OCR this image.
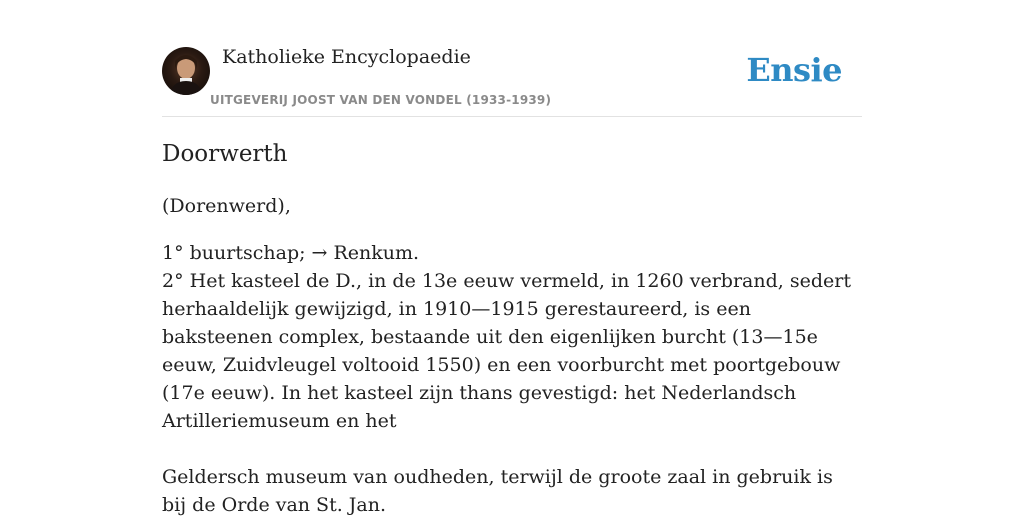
Katholieke Encyclopaedie
UITGEVERIJ JOOST VAN DEN VONDEL (1933-1939)
Ensie
Doorwerth

(Dorenwerd),

1° buurtschap; → Renkum.
2° Het kasteel de D., in de 13e eeuw vermeld, in 1260 verbrand, sedert herhaaldelijk gewijzigd, in 1910—1915 gerestaureerd, is een baksteenen complex, bestaande uit den eigenlijken burcht (13—15e eeuw, Zuidvleugel voltooid 1550) en een voorburcht met poortgebouw (17e eeuw). In het kasteel zijn thans gevestigd: het Nederlandsch Artilleriemuseum en het

Geldersch museum van oudheden, terwijl de groote zaal in gebruik is bij de Orde van St. Jan.
